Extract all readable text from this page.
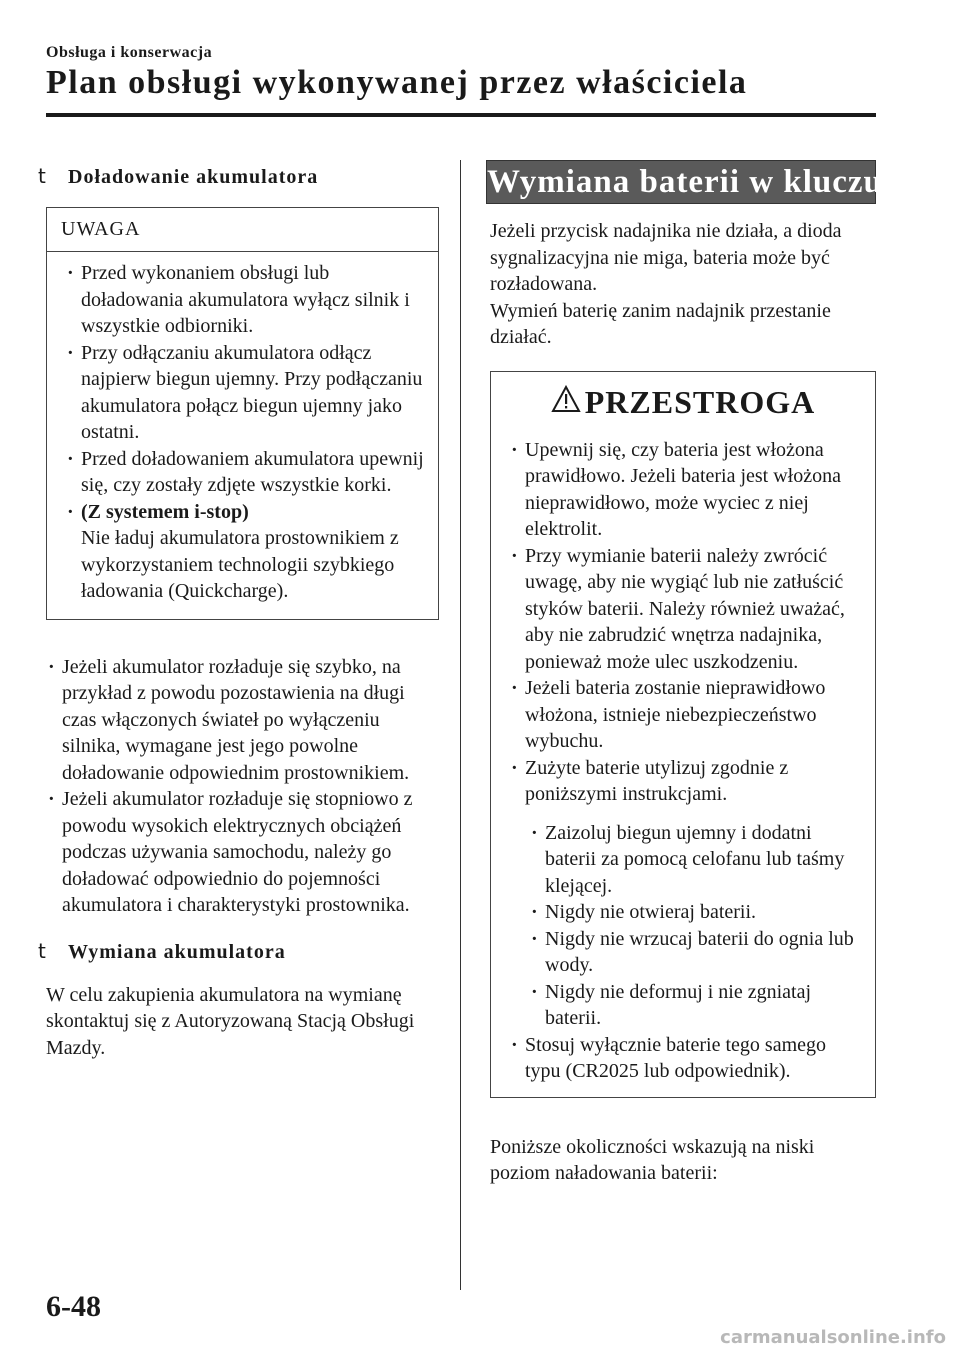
Obsługa i konserwacja
Plan obsługi wykonywanej przez właściciela
t	Doładowanie akumulatora
UWAGA
· Przed wykonaniem obsługi lub doładowania akumulatora wyłącz silnik i wszystkie odbiorniki.
· Przy odłączaniu akumulatora odłącz najpierw biegun ujemny. Przy podłączaniu akumulatora połącz biegun ujemny jako ostatni.
· Przed doładowaniem akumulatora upewnij się, czy zostały zdjęte wszystkie korki.
· (Z systemem i-stop)
Nie ładuj akumulatora prostownikiem z wykorzystaniem technologii szybkiego ładowania (Quickcharge).
· Jeżeli akumulator rozładuje się szybko, na przykład z powodu pozostawienia na długi czas włączonych świateł po wyłączeniu silnika, wymagane jest jego powolne doładowanie odpowiednim prostownikiem.
· Jeżeli akumulator rozładuje się stopniowo z powodu wysokich elektrycznych obciążeń podczas używania samochodu, należy go doładować odpowiednio do pojemności akumulatora i charakterystyki prostownika.
t	Wymiana akumulatora
W celu zakupienia akumulatora na wymianę skontaktuj się z Autoryzowaną Stacją Obsługi Mazdy.
Wymiana baterii w kluczu
Jeżeli przycisk nadajnika nie działa, a dioda sygnalizacyjna nie miga, bateria może być rozładowana.
Wymień baterię zanim nadajnik przestanie działać.
PRZESTROGA
· Upewnij się, czy bateria jest włożona prawidłowo. Jeżeli bateria jest włożona nieprawidłowo, może wyciec z niej elektrolit.
· Przy wymianie baterii należy zwrócić uwagę, aby nie wygiąć lub nie zatłuścić styków baterii. Należy również uważać, aby nie zabrudzić wnętrza nadajnika, ponieważ może ulec uszkodzeniu.
· Jeżeli bateria zostanie nieprawidłowo włożona, istnieje niebezpieczeństwo wybuchu.
· Zużyte baterie utylizuj zgodnie z poniższymi instrukcjami.
· Zaizoluj biegun ujemny i dodatni baterii za pomocą celofanu lub taśmy klejącej.
· Nigdy nie otwieraj baterii.
· Nigdy nie wrzucaj baterii do ognia lub wody.
· Nigdy nie deformuj i nie zgniataj baterii.
· Stosuj wyłącznie baterie tego samego typu (CR2025 lub odpowiednik).
Poniższe okoliczności wskazują na niski poziom naładowania baterii:
6-48
carmanualsonline.info
